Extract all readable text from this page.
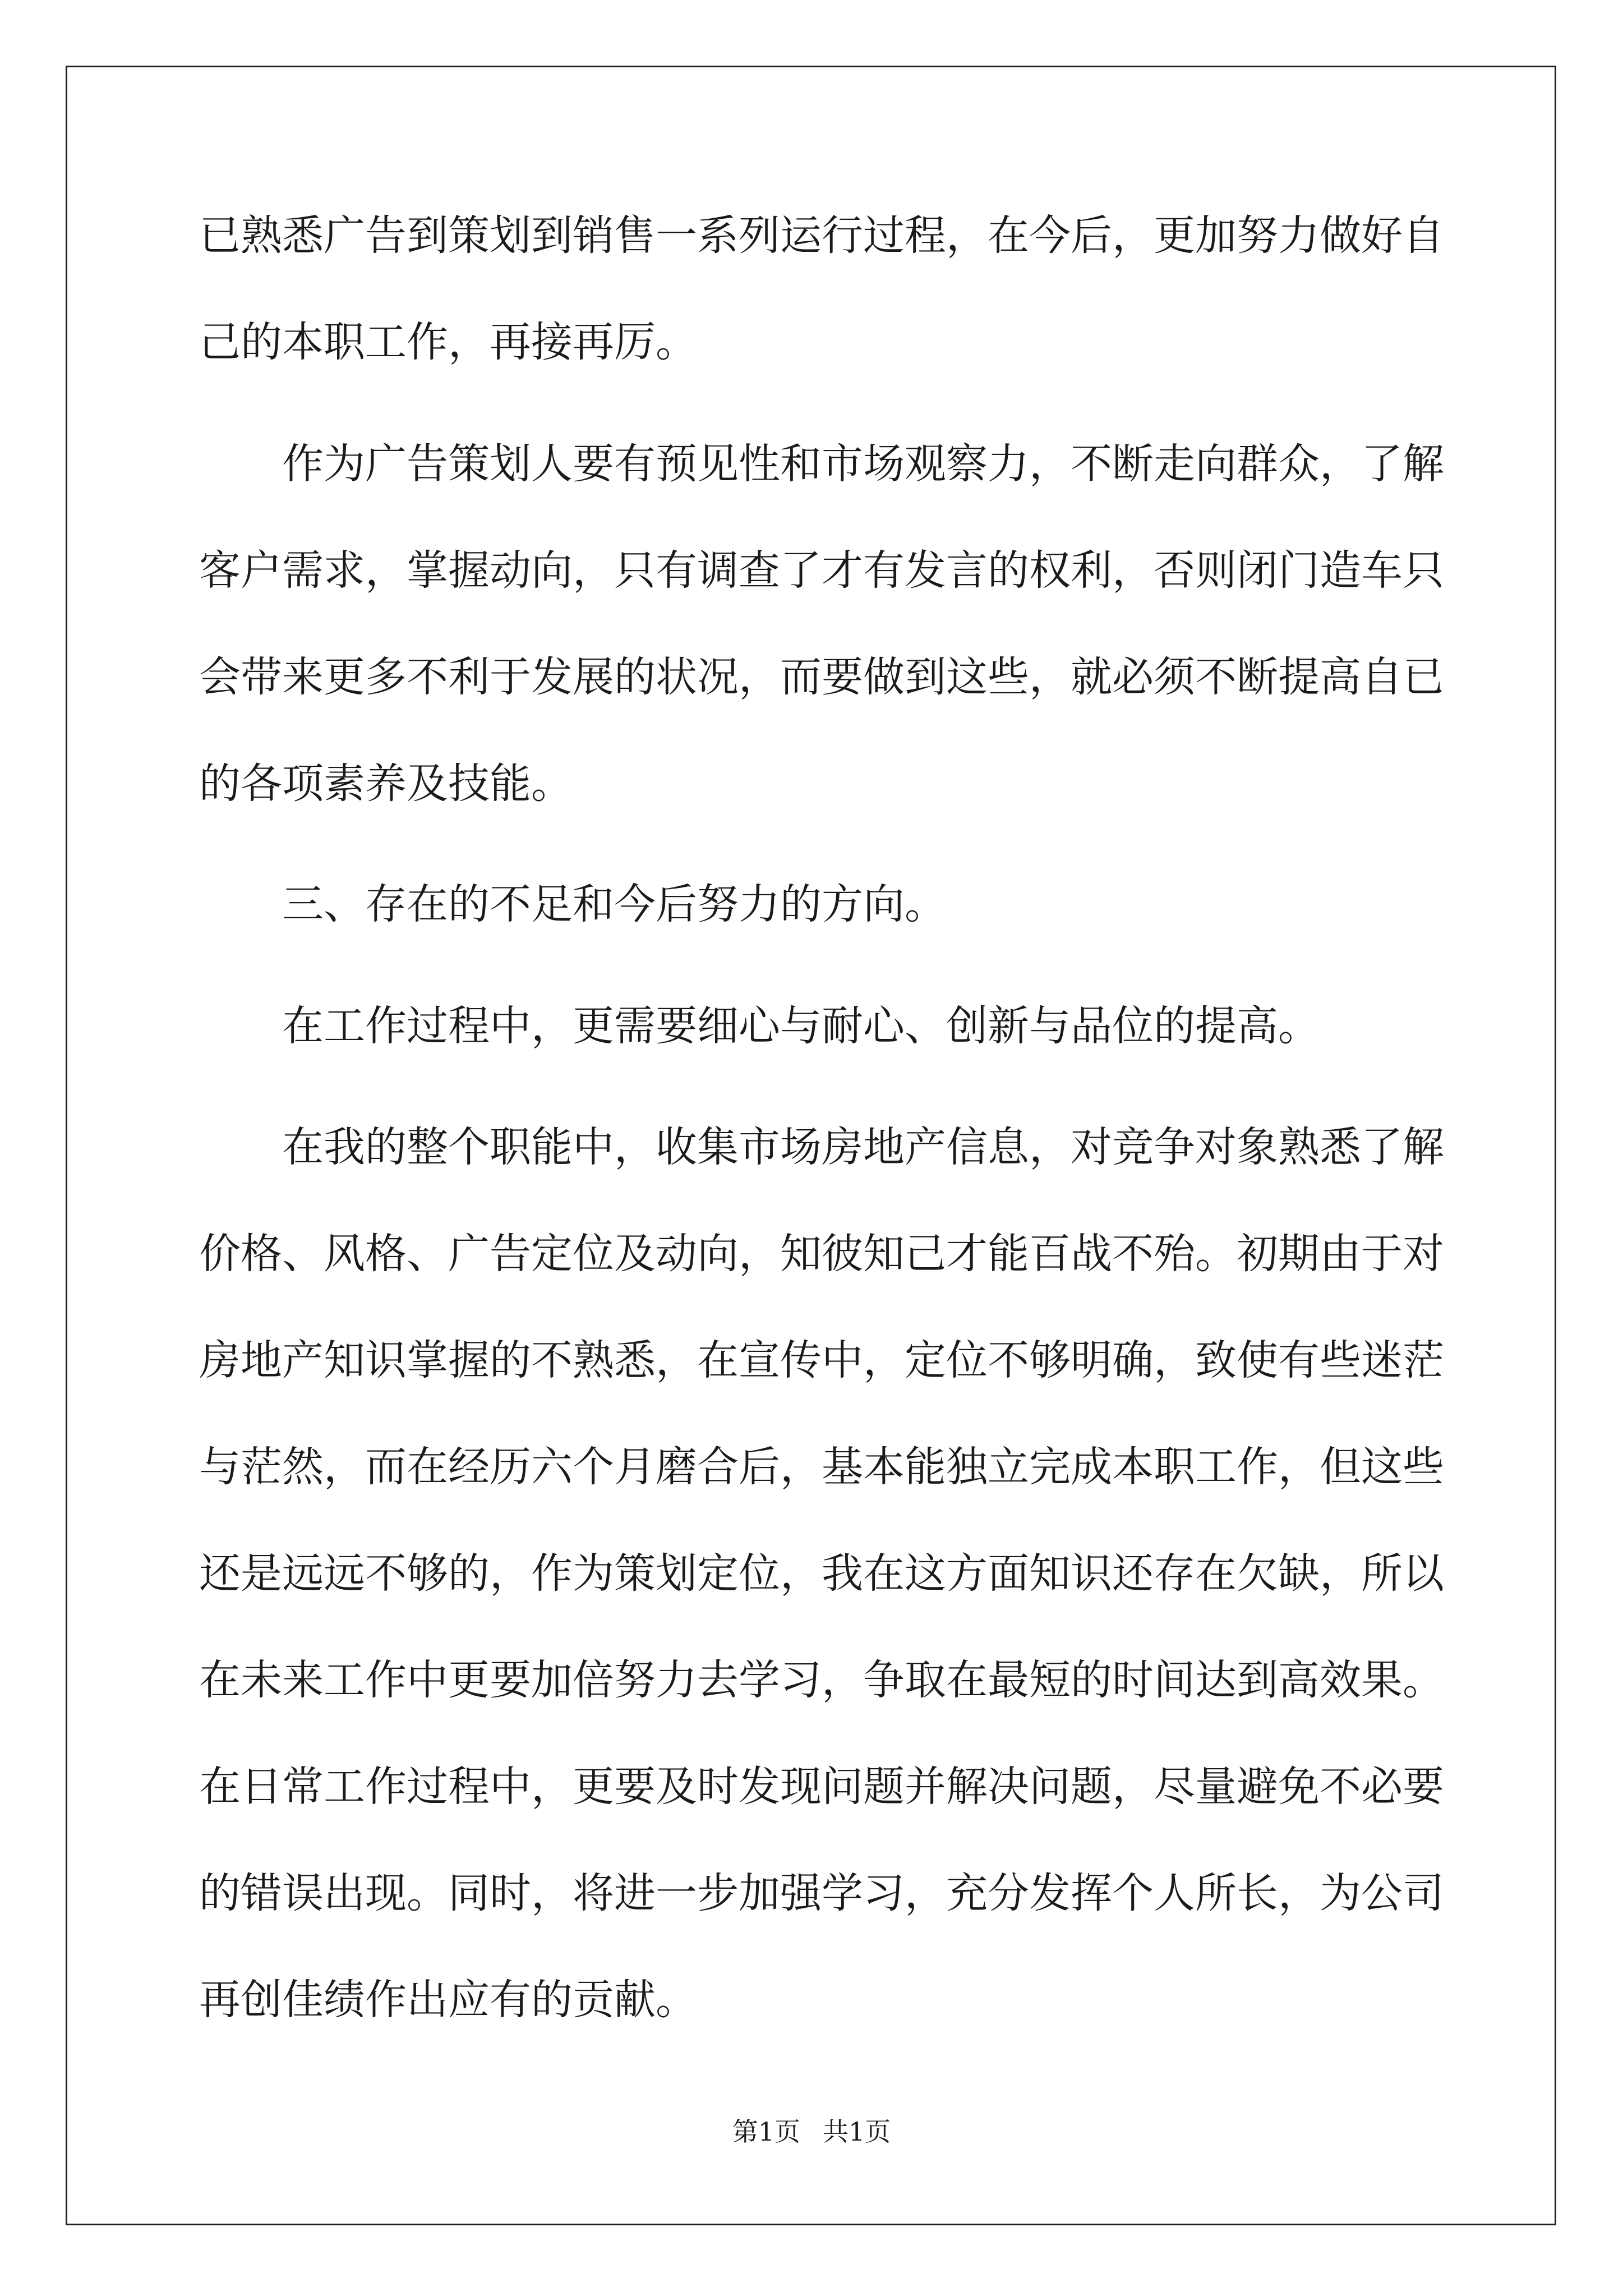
已熟悉广告到策划到销售一系列运行过程，在今后，更加努力做好自
己的本职工作，再接再厉。
作为广告策划人要有预见性和市场观察力，不断走向群众，了解
客户需求，掌握动向，只有调查了才有发言的权利，否则闭门造车只
会带来更多不利于发展的状况，而要做到这些，就必须不断提高自已
的各项素养及技能。
三、存在的不足和今后努力的方向。
在工作过程中，更需要细心与耐心、创新与品位的提高。
在我的整个职能中，收集市场房地产信息，对竞争对象熟悉了解
价格、风格、广告定位及动向，知彼知己才能百战不殆。初期由于对
房地产知识掌握的不熟悉，在宣传中，定位不够明确，致使有些迷茫
与茫然，而在经历六个月磨合后，基本能独立完成本职工作，但这些
还是远远不够的，作为策划定位，我在这方面知识还存在欠缺，所以
在未来工作中更要加倍努力去学习，争取在最短的时间达到高效果。
在日常工作过程中，更要及时发现问题并解决问题，尽量避免不必要
的错误出现。同时，将进一步加强学习，充分发挥个人所长，为公司
再创佳绩作出应有的贡献。
第1页 共1页
